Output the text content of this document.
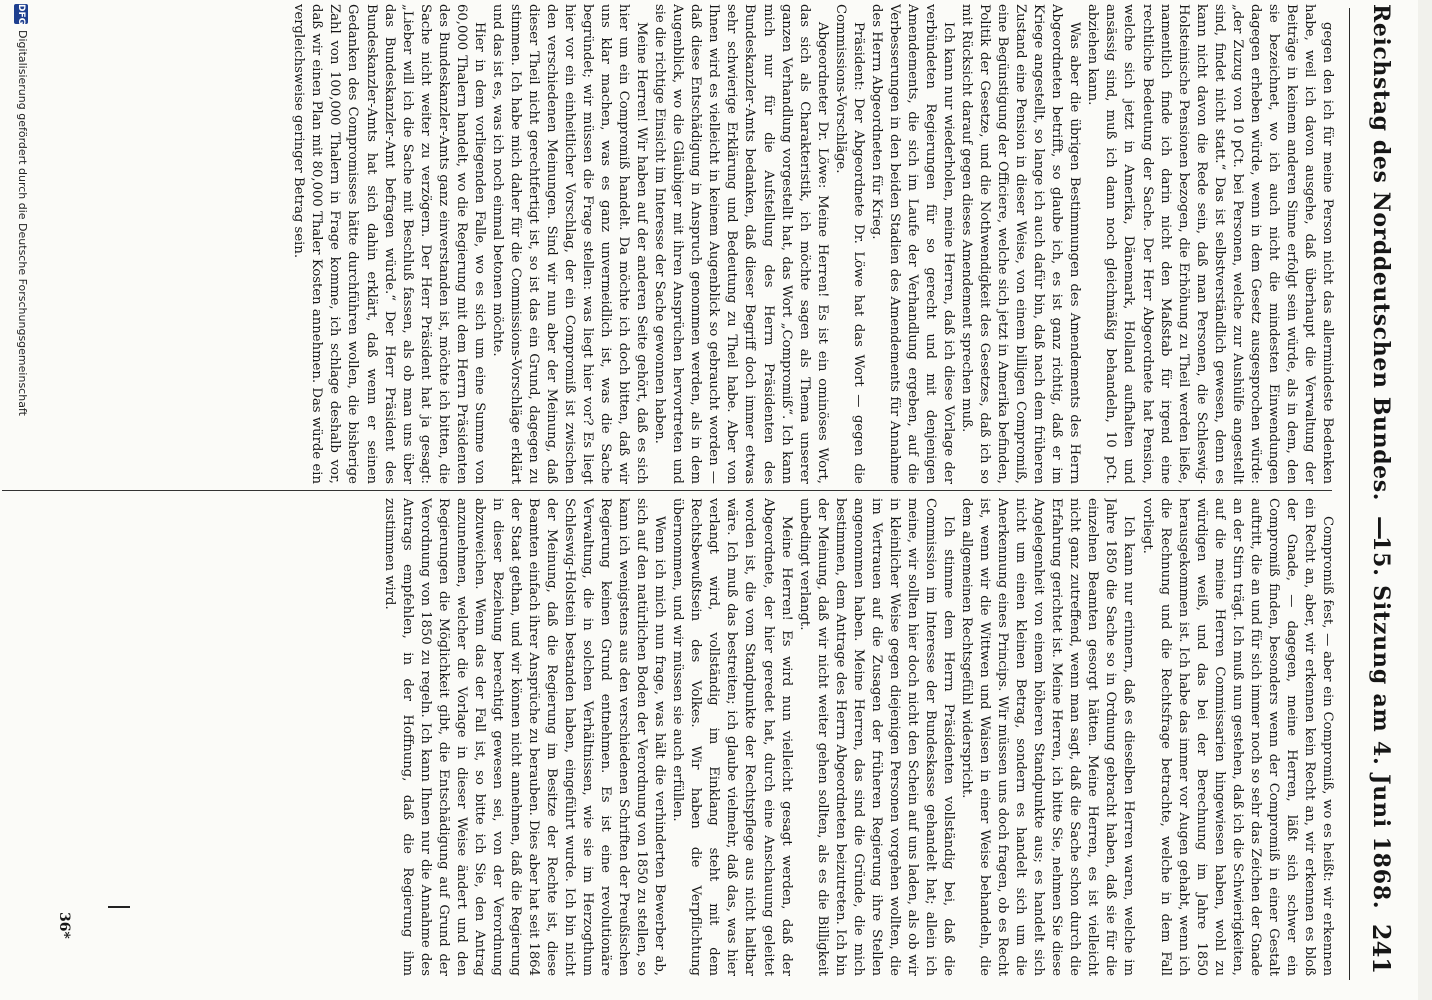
Reichstag des Norddeutschen Bundes.
—
15. Sitzung am 4. Juni 1868.
241

gegen den ich für meine Person nicht das allermindeste Bedenken habe, weil ich davon ausgehe, daß überhaupt die Verwaltung der Beiträge in keinem anderen Sinne erfolgt sein würde, als in dem, den sie bezeichnet, wo ich auch nicht die mindesten Einwendungen dagegen erheben würde, wenn in dem Gesetz ausgesprochen würde: „der Zuzug von 10 pCt. bei Personen, welche zur Aushülfe angestellt sind, findet nicht statt.“ Das ist selbstverständlich gewesen, denn es kann nicht davon die Rede sein, daß man Personen, die Schleswig-Holsteinische Pensionen bezogen, die Erhöhung zu Theil werden ließe, namentlich finde ich darin nicht den Maßstab für irgend eine rechtliche Bedeutung der Sache. Der Herr Abgeordnete hat Pension, welche sich jetzt in Amerika, Dänemark, Holland aufhalten und ansässig sind, muß ich dann noch gleichmäßig behandeln, 10 pCt. abziehen kann.

Was aber die übrigen Bestimmungen des Amendements des Herrn Abgeordneten betrifft, so glaube ich, es ist ganz richtig, daß er im Kriege angestellt, so lange ich auch dafür bin, daß nach dem früheren Zustand eine Pension in dieser Weise, von einem billigen Compromiß, eine Begünstigung der Officiere, welche sich jetzt in Amerika befinden, Politik der Gesetze, und die Nothwendigkeit des Gesetzes, daß ich so mit Rücksicht darauf gegen dieses Amendement sprechen muß.

Ich kann nur wiederholen, meine Herren, daß ich diese Vorlage der verbündeten Regierungen für so gerecht und mit denjenigen Amendements, die sich im Laufe der Verhandlung ergeben, auf die Verbesserungen in den beiden Stadien des Amendements für Annahme des Herrn Abgeordneten für Krieg.

Präsident: Der Abgeordnete Dr. Löwe hat das Wort — gegen die Commissions-Vorschläge.

Abgeordneter Dr. Löwe: Meine Herren! Es ist ein ominöses Wort, das sich als Charakteristik, ich möchte sagen als Thema unserer ganzen Verhandlung vorgestellt hat, das Wort „Compromiß“. Ich kann mich nur für die Aufstellung des Herrn Präsidenten des Bundeskanzler-Amts bedanken, daß dieser Begriff doch immer etwas sehr schwierige Erklärung und Bedeutung zu Theil habe. Aber von Ihnen wird es vielleicht in keinem Augenblick so gebraucht worden — daß diese Entschädigung in Anspruch genommen werden, als in dem Augenblick, wo die Gläubiger mit ihren Ansprüchen hervortreten und sie die richtige Einsicht im Interesse der Sache gewonnen haben.

Meine Herren! Wir haben auf der anderen Seite gehört, daß es sich hier um ein Compromiß handelt. Da möchte ich doch bitten, daß wir uns klar machen, was es ganz unvermeidlich ist, was die Sache begründet; wir müssen die Frage stellen: was liegt hier vor? Es liegt hier vor ein einheitlicher Vorschlag, der ein Compromiß ist zwischen den verschiedenen Meinungen. Sind wir nun aber der Meinung, daß dieser Theil nicht gerechtfertigt ist, so ist das ein Grund, dagegen zu stimmen. Ich habe mich daher für die Commissions-Vorschläge erklärt und das ist es, was ich noch einmal betonen möchte.

Hier in dem vorliegenden Falle, wo es sich um eine Summe von 60,000 Thalern handelt, wo die Regierung mit dem Herrn Präsidenten des Bundeskanzler-Amts ganz einverstanden ist, möchte ich bitten, die Sache nicht weiter zu verzögern. Der Herr Präsident hat ja gesagt: „Lieber will ich die Sache mit Beschluß fassen, als ob man uns über das Bundeskanzler-Amt befragen würde.“ Der Herr Präsident des Bundeskanzler-Amts hat sich dahin erklärt, daß wenn er seinen Gedanken des Compromisses hätte durchführen wollen, die bisherige Zahl von 100,000 Thalern in Frage komme, ich schlage deshalb vor, daß wir einen Plan mit 80,000 Thaler Kosten annehmen. Das würde ein vergleichsweise geringer Betrag sein.

Compromiß fest, — aber ein Compromiß, wo es heißt: wir erkennen ein Recht an, aber, wir erkennen kein Recht an, wir erkennen es bloß der Gnade, — dagegen, meine Herren, läßt sich schwer ein Compromiß finden, besonders wenn der Compromiß in einer Gestalt auftritt, die an und für sich immer noch so sehr das Zeichen der Gnade an der Stirn trägt. Ich muß nun gestehen, daß ich die Schwierigkeiten, auf die meine Herren Commissarien hingewiesen haben, wohl zu würdigen weiß, und das bei der Berechnung im Jahre 1850 herausgekommen ist. Ich habe das immer vor Augen gehabt, wenn ich die Rechnung und die Rechtsfrage betrachte, welche in dem Fall vorliegt.

Ich kann nur erinnern, daß es dieselben Herren waren, welche im Jahre 1850 die Sache so in Ordnung gebracht haben, daß sie für die einzelnen Beamten gesorgt hätten. Meine Herren, es ist vielleicht nicht ganz zutreffend, wenn man sagt, daß die Sache schon durch die Erfahrung gerichtet ist. Meine Herren, ich bitte Sie, nehmen Sie diese Angelegenheit von einem höheren Standpunkte aus; es handelt sich nicht um einen kleinen Betrag, sondern es handelt sich um die Anerkennung eines Princips. Wir müssen uns doch fragen, ob es Recht ist, wenn wir die Wittwen und Waisen in einer Weise behandeln, die dem allgemeinen Rechtsgefühl widerspricht.

Ich stimme dem Herrn Präsidenten vollständig bei, daß die Commission im Interesse der Bundeskasse gehandelt hat; allein ich meine, wir sollten hier doch nicht den Schein auf uns laden, als ob wir in kleinlicher Weise gegen diejenigen Personen vorgehen wollten, die im Vertrauen auf die Zusagen der früheren Regierung ihre Stellen angenommen haben. Meine Herren, das sind die Gründe, die mich bestimmen, dem Antrage des Herrn Abgeordneten beizutreten. Ich bin der Meinung, daß wir nicht weiter gehen sollten, als es die Billigkeit unbedingt verlangt.

Meine Herren! Es wird nun vielleicht gesagt werden, daß der Abgeordnete, der hier geredet hat, durch eine Anschauung geleitet worden ist, die vom Standpunkte der Rechtspflege aus nicht haltbar wäre. Ich muß das bestreiten; ich glaube vielmehr, daß das, was hier verlangt wird, vollständig im Einklang steht mit dem Rechtsbewußtsein des Volkes. Wir haben die Verpflichtung übernommen, und wir müssen sie auch erfüllen.

Wenn ich mich nun frage, was hält die verhinderten Bewerber ab, sich auf den natürlichen Boden der Verordnung von 1850 zu stellen, so kann ich wenigstens aus den verschiedenen Schriften der Preußischen Regierung keinen Grund entnehmen. Es ist eine revolutionäre Verwaltung, die in solchen Verhältnissen, wie sie im Herzogthum Schleswig-Holstein bestanden haben, eingeführt wurde. Ich bin nicht der Meinung, daß die Regierung im Besitze der Rechte ist, diese Beamten einfach ihrer Ansprüche zu berauben. Dies aber hat seit 1864 der Staat gethan, und wir können nicht annehmen, daß die Regierung in dieser Beziehung berechtigt gewesen sei, von der Verordnung abzuweichen. Wenn das der Fall ist, so bitte ich Sie, den Antrag anzunehmen, welcher die Vorlage in dieser Weise ändert und den Regierungen die Möglichkeit gibt, die Entschädigung auf Grund der Verordnung von 1850 zu regeln. Ich kann Ihnen nur die Annahme des Antrags empfehlen, in der Hoffnung, daß die Regierung ihm zustimmen wird.

36*
DFG
Digitalisierung gefördert durch die Deutsche Forschungsgemeinschaft
